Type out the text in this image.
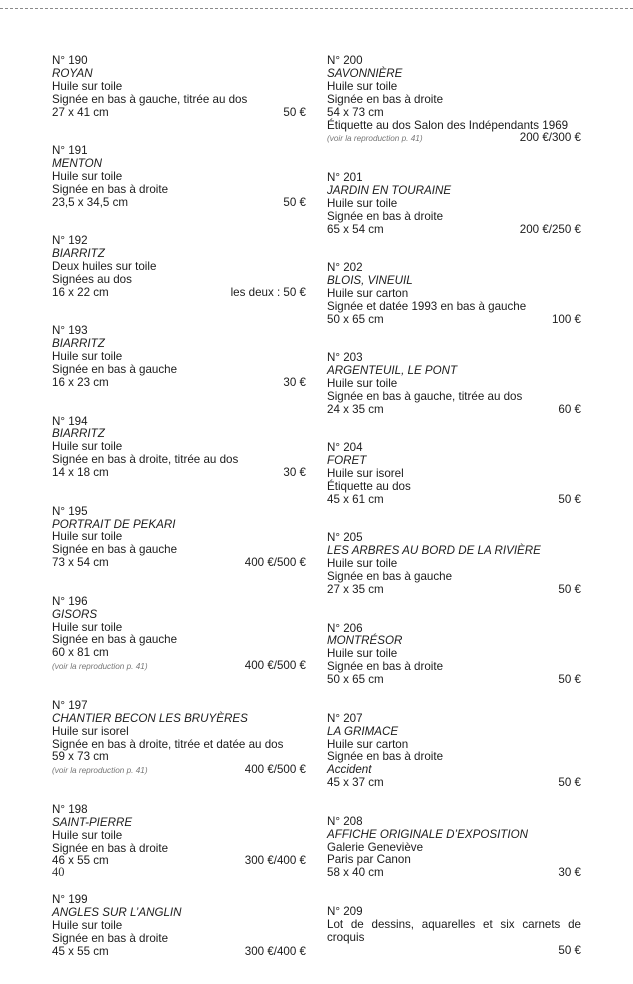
N° 190
ROYAN
Huile sur toile
Signée en bas à gauche, titrée au dos
27 x 41 cm	50 €
N° 191
MENTON
Huile sur toile
Signée en bas à droite
23,5 x 34,5 cm	50 €
N° 192
BIARRITZ
Deux huiles sur toile
Signées au dos
16 x 22 cm	les deux : 50 €
N° 193
BIARRITZ
Huile sur toile
Signée en bas à gauche
16 x 23 cm	30 €
N° 194
BIARRITZ
Huile sur toile
Signée en bas à droite, titrée au dos
14 x 18 cm	30 €
N° 195
PORTRAIT DE PEKARI
Huile sur toile
Signée en bas à gauche
73 x 54 cm	400 €/500 €
N° 196
GISORS
Huile sur toile
Signée en bas à gauche
60 x 81 cm
(voir la reproduction p. 41)	400 €/500 €
N° 197
CHANTIER BECON LES BRUYÈRES
Huile sur isorel
Signée en bas à droite, titrée et datée au dos
59 x 73 cm
(voir la reproduction p. 41)	400 €/500 €
N° 198
SAINT-PIERRE
Huile sur toile
Signée en bas à droite
46 x 55 cm	300 €/400 €
N° 199
ANGLES SUR L’ANGLIN
Huile sur toile
Signée en bas à droite
45 x 55 cm	300 €/400 €
N° 200
SAVONNIÈRE
Huile sur toile
Signée en bas à droite
54 x 73 cm
Étiquette au dos Salon des Indépendants 1969
(voir la reproduction p. 41)	200 €/300 €
N° 201
JARDIN EN TOURAINE
Huile sur toile
Signée en bas à droite
65 x 54 cm	200 €/250 €
N° 202
BLOIS, VINEUIL
Huile sur carton
Signée et datée 1993 en bas à gauche
50 x 65 cm	100 €
N° 203
ARGENTEUIL, LE PONT
Huile sur toile
Signée en bas à gauche, titrée au dos
24 x 35 cm	60 €
N° 204
FORET
Huile sur isorel
Étiquette au dos
45 x 61 cm	50 €
N° 205
LES ARBRES AU BORD DE LA RIVIÈRE
Huile sur toile
Signée en bas à gauche
27 x 35 cm	50 €
N° 206
MONTRÉSOR
Huile sur toile
Signée en bas à droite
50 x 65 cm	50 €
N° 207
LA GRIMACE
Huile sur carton
Signée en bas à droite
Accident
45 x 37 cm	50 €
N° 208
AFFICHE ORIGINALE D’EXPOSITION
Galerie Geneviève
Paris par Canon
58 x 40 cm	30 €
N° 209
Lot de dessins, aquarelles et six carnets de croquis
50 €
40
